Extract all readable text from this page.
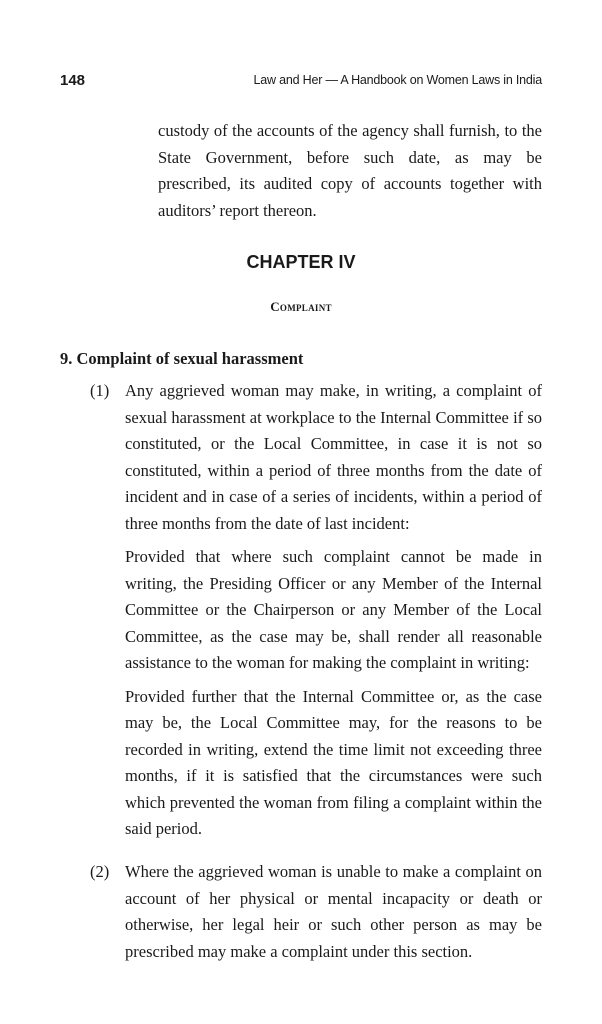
148	Law and Her — A Handbook on Women Laws in India
custody of the accounts of the agency shall furnish, to the State Government, before such date, as may be prescribed, its audited copy of accounts together with auditors’ report thereon.
CHAPTER IV
Complaint
9. Complaint of sexual harassment
(1) Any aggrieved woman may make, in writing, a complaint of sexual harassment at workplace to the Internal Committee if so constituted, or the Local Committee, in case it is not so constituted, within a period of three months from the date of incident and in case of a series of incidents, within a period of three months from the date of last incident:

Provided that where such complaint cannot be made in writing, the Presiding Officer or any Member of the Internal Committee or the Chairperson or any Member of the Local Committee, as the case may be, shall render all reasonable assistance to the woman for making the complaint in writing:

Provided further that the Internal Committee or, as the case may be, the Local Committee may, for the reasons to be recorded in writing, extend the time limit not exceeding three months, if it is satisfied that the circumstances were such which prevented the woman from filing a complaint within the said period.

(2) Where the aggrieved woman is unable to make a complaint on account of her physical or mental incapacity or death or otherwise, her legal heir or such other person as may be prescribed may make a complaint under this section.
